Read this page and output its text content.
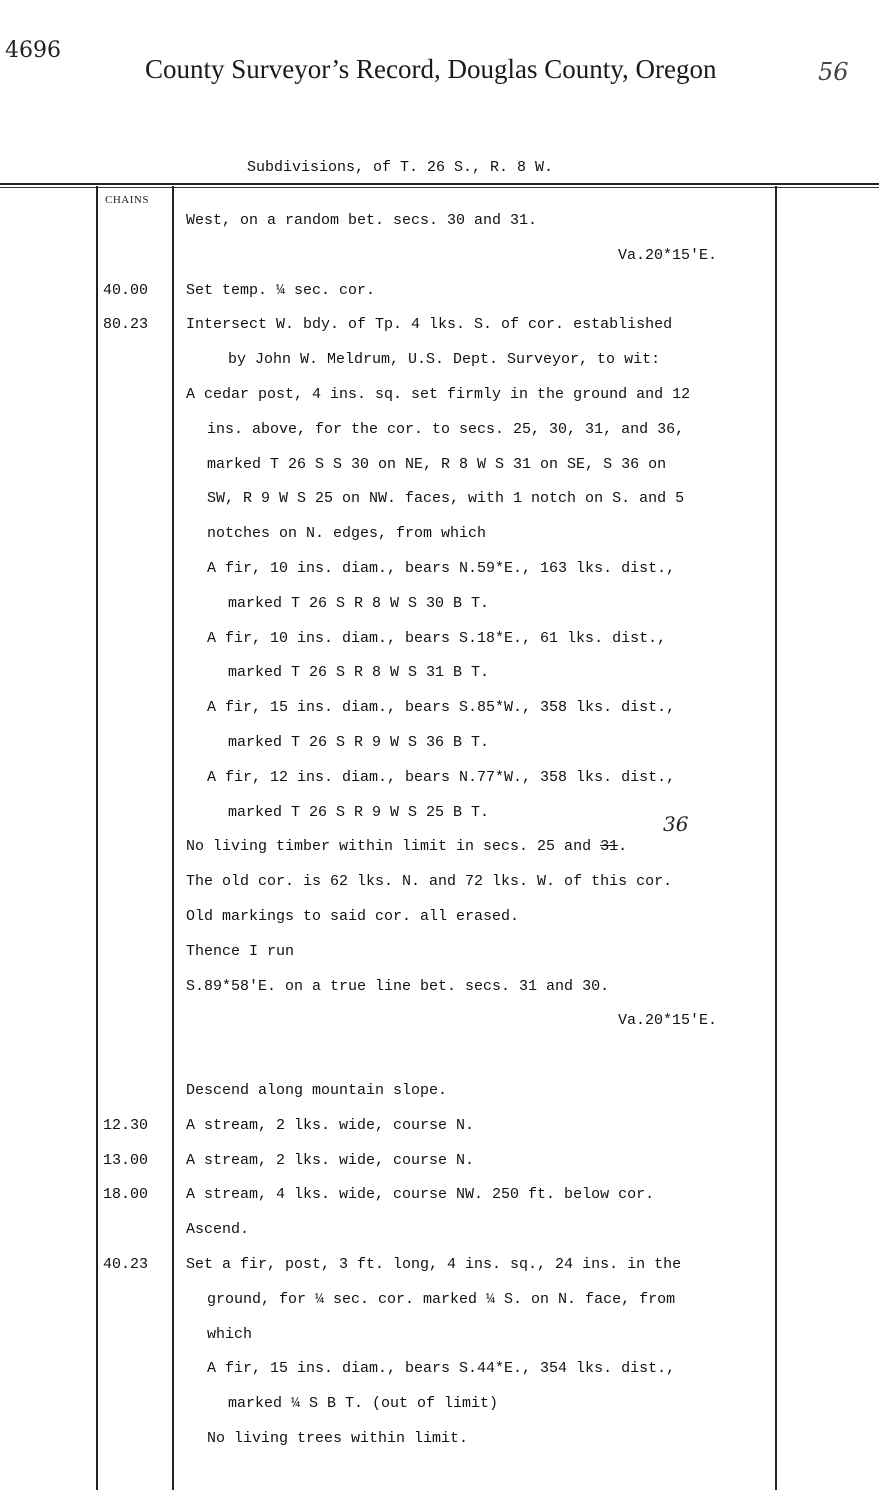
4696
County Surveyor’s Record, Douglas County, Oregon	56
Subdivisions, of T. 26 S., R. 8 W.
CHAINS
40.00
80.23
12.30
13.00
18.00
40.23
West, on a random bet. secs. 30 and 31.
Va.20*15'E.
Set temp. ¼ sec. cor.
Intersect W. bdy. of Tp. 4 lks. S. of cor. established
by John W. Meldrum, U.S. Dept. Surveyor, to wit:
A cedar post, 4 ins. sq. set firmly in the ground and 12
ins. above, for the cor. to secs. 25, 30, 31, and 36,
marked T 26 S S 30 on NE, R 8 W S 31 on SE, S 36 on
SW, R 9 W S 25 on NW. faces, with 1 notch on S. and 5
notches on N. edges, from which
A fir, 10 ins. diam., bears N.59*E., 163 lks. dist.,
marked T 26 S R 8 W S 30 B T.
A fir, 10 ins. diam., bears S.18*E., 61 lks. dist.,
marked T 26 S R 8 W S 31 B T.
A fir, 15 ins. diam., bears S.85*W., 358 lks. dist.,
marked T 26 S R 9 W S 36 B T.
A fir, 12 ins. diam., bears N.77*W., 358 lks. dist.,
marked T 26 S R 9 W S 25 B T.
No living timber within limit in secs. 25 and 31.
The old cor. is 62 lks. N. and 72 lks. W. of this cor.
Old markings to said cor. all erased.
Thence I run
S.89*58'E. on a true line bet. secs. 31 and 30.
Va.20*15'E.
Descend along mountain slope.
A stream, 2 lks. wide, course N.
A stream, 2 lks. wide, course N.
A stream, 4 lks. wide, course NW. 250 ft. below cor.
Ascend.
Set a fir, post, 3 ft. long, 4 ins. sq., 24 ins. in the
ground, for ¼ sec. cor. marked ¼ S. on N. face, from
which
A fir, 15 ins. diam., bears S.44*E., 354 lks. dist.,
marked ¼ S B T. (out of limit)
No living trees within limit.
36
